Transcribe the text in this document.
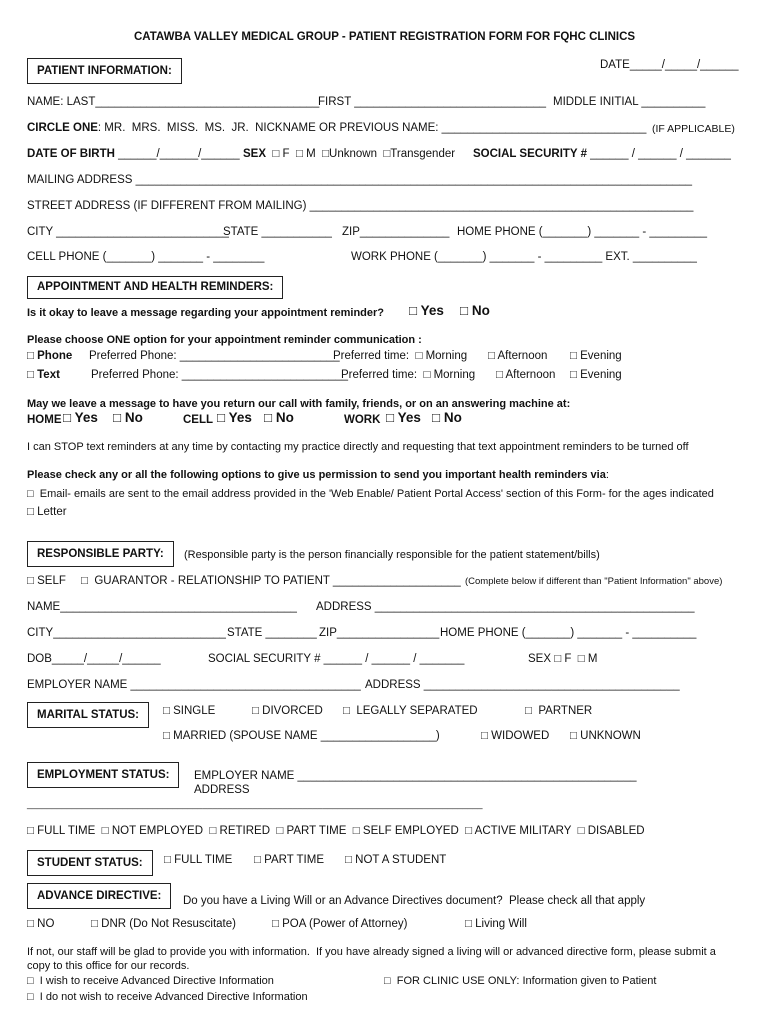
CATAWBA VALLEY MEDICAL GROUP - PATIENT REGISTRATION FORM FOR FQHC CLINICS
DATE_____/_____/______
PATIENT INFORMATION:
NAME: LAST___________________________________
FIRST ______________________________ MIDDLE INITIAL __________
CIRCLE ONE: MR.  MRS.  MISS.  MS.  JR.  NICKNAME OR PREVIOUS NAME: ________________________________ (IF APPLICABLE)
DATE OF BIRTH ______/______/______ SEX □ F  □ M  □Unknown  □Transgender SOCIAL SECURITY # ______ / ______ / _______
MAILING ADDRESS _______________________________________________________________________________________
STREET ADDRESS (IF DIFFERENT FROM MAILING) ____________________________________________________________
CITY ___________________________
STATE ___________ ZIP______________ HOME PHONE (_______) _______ - _________
CELL PHONE (_______) _______ - ________	WORK PHONE (_______) _______ - _________ EXT. __________
APPOINTMENT AND HEALTH REMINDERS:
Is it okay to leave a message regarding your appointment reminder? □ Yes □ No
Please choose ONE option for your appointment reminder communication :
□ Phone Preferred Phone: _________________________
Preferred time:  □ Morning □ Afternoon □ Evening
□ Text	Preferred Phone: __________________________
Preferred time:  □ Morning □ Afternoon □ Evening
May we leave a message to have you return our call with family, friends, or on an answering machine at:
HOME □ Yes □ No	CELL □ Yes □ No	WORK □ Yes □ No
I can STOP text reminders at any time by contacting my practice directly and requesting that text appointment reminders to be turned off
Please check any or all the following options to give us permission to send you important health reminders via:
□  Email- emails are sent to the email address provided in the 'Web Enable/ Patient Portal Access' section of this Form- for the ages indicated
□ Letter
RESPONSIBLE PARTY:	(Responsible party is the person financially responsible for the patient statement/bills)
□ SELF □  GUARANTOR - RELATIONSHIP TO PATIENT ____________________ (Complete below if different than "Patient Information" above)
NAME_____________________________________ ADDRESS __________________________________________________
CITY___________________________ STATE ________ ZIP________________ HOME PHONE (_______) _______ - __________
DOB_____/_____/______	SOCIAL SECURITY # ______ / ______ / _______	SEX □ F  □ M
EMPLOYER NAME ____________________________________ ADDRESS ________________________________________
MARITAL STATUS:	□ SINGLE	□ DIVORCED □  LEGALLY SEPARATED	□  PARTNER
□ MARRIED (SPOUSE NAME __________________)	□ WIDOWED □ UNKNOWN
EMPLOYMENT STATUS:	EMPLOYER NAME _____________________________________________________
ADDRESS
___________________________________________________________________________________________
□ FULL TIME  □ NOT EMPLOYED  □ RETIRED  □ PART TIME  □ SELF EMPLOYED  □ ACTIVE MILITARY  □ DISABLED
STUDENT STATUS:	□ FULL TIME □ PART TIME □ NOT A STUDENT
ADVANCE DIRECTIVE:	Do you have a Living Will or an Advance Directives document?  Please check all that apply
□ NO	□ DNR (Do Not Resuscitate)	□ POA (Power of Attorney)	□ Living Will
If not, our staff will be glad to provide you with information.  If you have already signed a living will or advanced directive form, please submit a
copy to this office for our records.
□  I wish to receive Advanced Directive Information	□  FOR CLINIC USE ONLY: Information given to Patient
□  I do not wish to receive Advanced Directive Information
